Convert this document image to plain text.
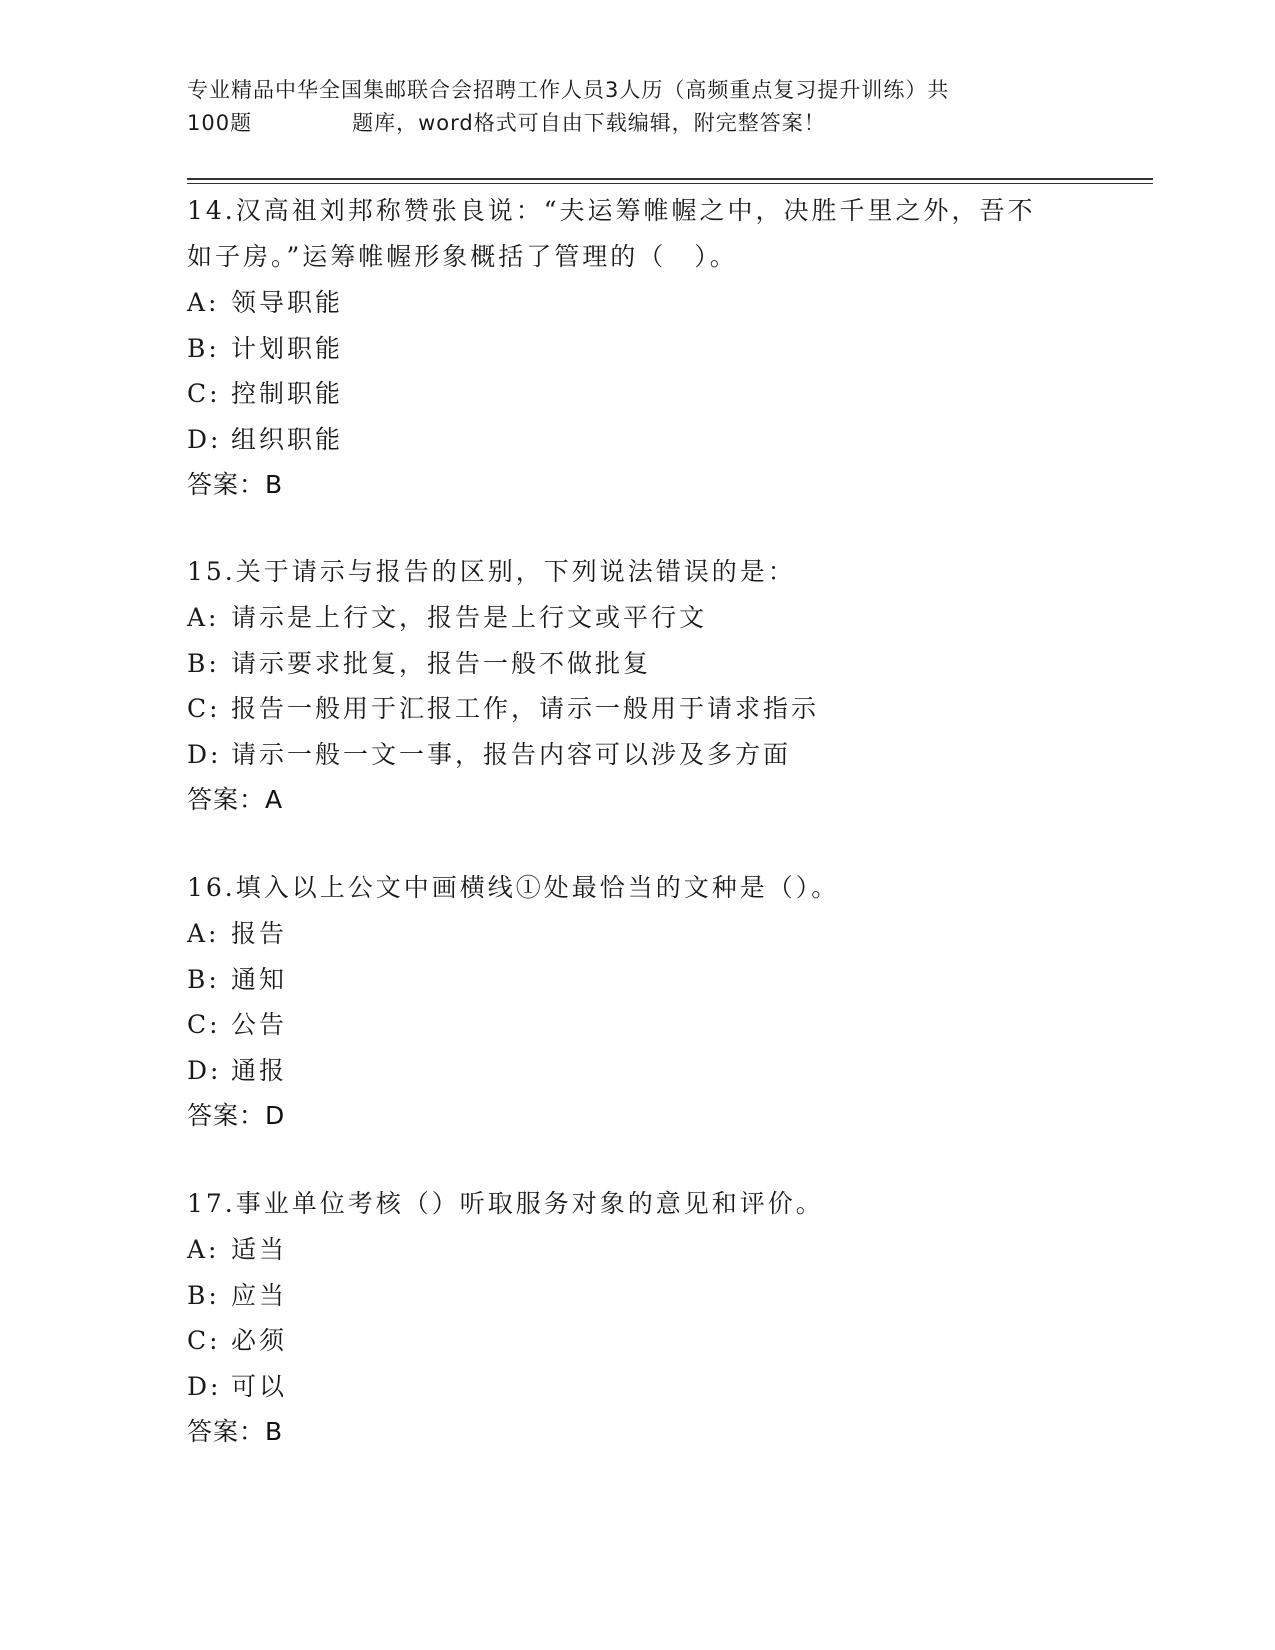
专业精品中华全国集邮联合会招聘工作人员3人历（高频重点复习提升训练）共
100题	题库，word格式可自由下载编辑，附完整答案！

14.汉高祖刘邦称赞张良说：“夫运筹帷幄之中，决胜千里之外，吾不

如子房。”运筹帷幄形象概括了管理的（　）。

A: 领导职能

B: 计划职能

C: 控制职能

D: 组织职能

答案：B

15.关于请示与报告的区别，下列说法错误的是：

A: 请示是上行文，报告是上行文或平行文

B: 请示要求批复，报告一般不做批复

C: 报告一般用于汇报工作，请示一般用于请求指示

D: 请示一般一文一事，报告内容可以涉及多方面

答案：A

16.填入以上公文中画横线①处最恰当的文种是（）。

A: 报告

B: 通知

C: 公告

D: 通报

答案：D

17.事业单位考核（）听取服务对象的意见和评价。

A: 适当

B: 应当

C: 必须

D: 可以

答案：B
